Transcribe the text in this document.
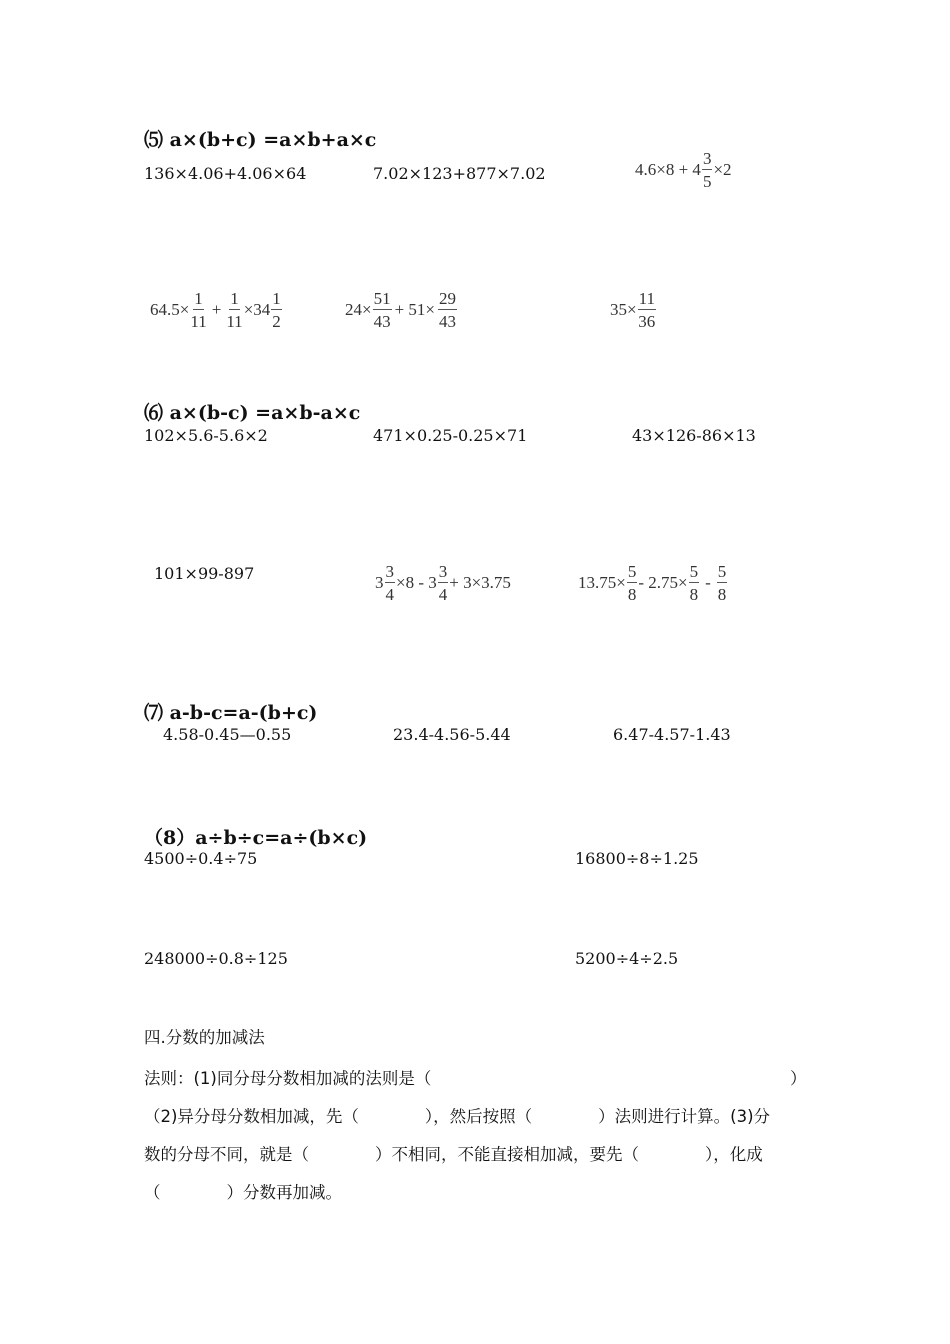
⑸ a×(b+c) =a×b+a×c
136×4.06+4.06×64	7.02×123+877×7.02	$4.6 \times 8 + 4 \frac{3}{5} \times 2$
$64.5\times \frac{1}{11} + \frac{1}{11} \times 34 \frac{1}{2}$	$24\times \frac{51}{43} + 51\times \frac{29}{43}$	$35\times \frac{11}{36}$
⑹ a×(b-c) =a×b-a×c
102×5.6-5.6×2	471×0.25-0.25×71	43×126-86×13
101×99-897	$3 \frac{3}{4} \times 8 - 3 \frac{3}{4} + 3\times 3.75$	$13.75\times \frac{5}{8} - 2.75\times \frac{5}{8} - \frac{5}{8}$
⑺ a-b-c=a-(b+c)
4.58-0.45—0.55	23.4-4.56-5.44	6.47-4.57-1.43
（8）a÷b÷c=a÷(b×c)
4500÷0.4÷75	16800÷8÷1.25
248000÷0.8÷125	5200÷4÷2.5
四.分数的加减法
法则：(1)同分母分数相加减的法则是（	）
（2)异分母分数相加减，先（　　　　），然后按照（　　　　）法则进行计算。(3)分
数的分母不同，就是（　　　　）不相同，不能直接相加减，要先（　　　　），化成
（　　　　）分数再加减。
